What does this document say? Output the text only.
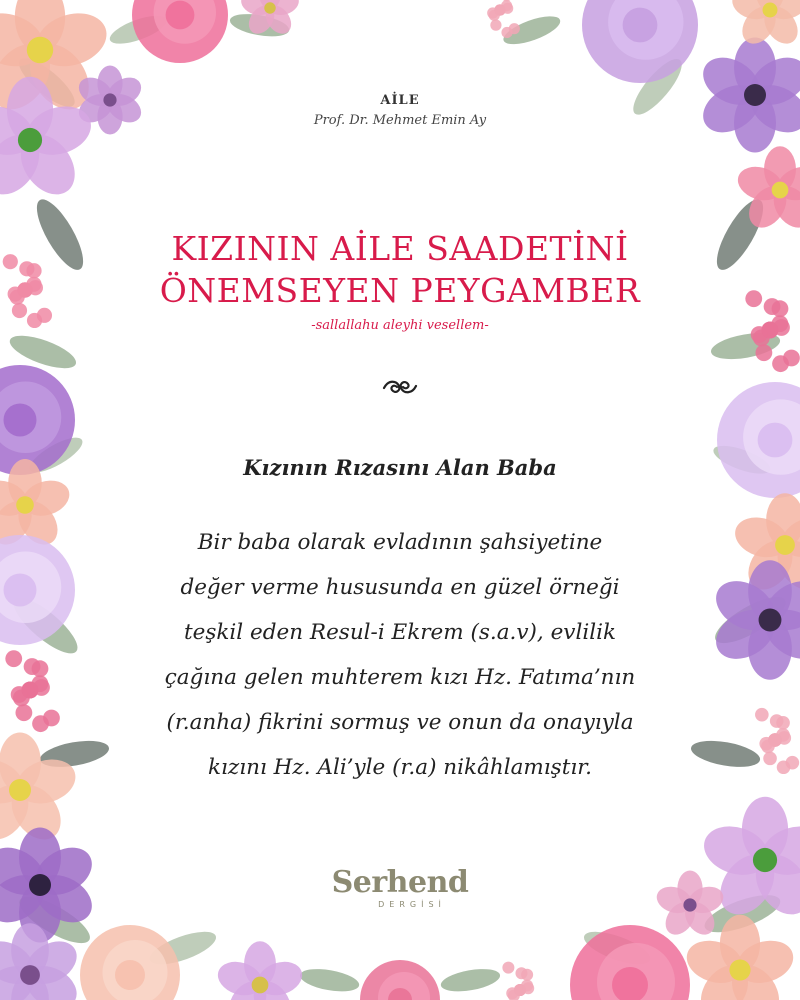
AİLE
Prof. Dr. Mehmet Emin Ay
KIZININ AİLE SAADETİNİ
ÖNEMSEYEN PEYGAMBER
-sallallahu aleyhi vesellem-
Kızının Rızasını Alan Baba
Bir baba olarak evladının şahsiyetine
değer verme hususunda en güzel örneği
teşkil eden Resul-i Ekrem (s.a.v), evlilik
çağına gelen muhterem kızı Hz. Fatıma’nın
(r.anha) fikrini sormuş ve onun da onayıyla
kızını Hz. Ali’yle (r.a) nikâhlamıştır.
Serhend
DERGİSİ
